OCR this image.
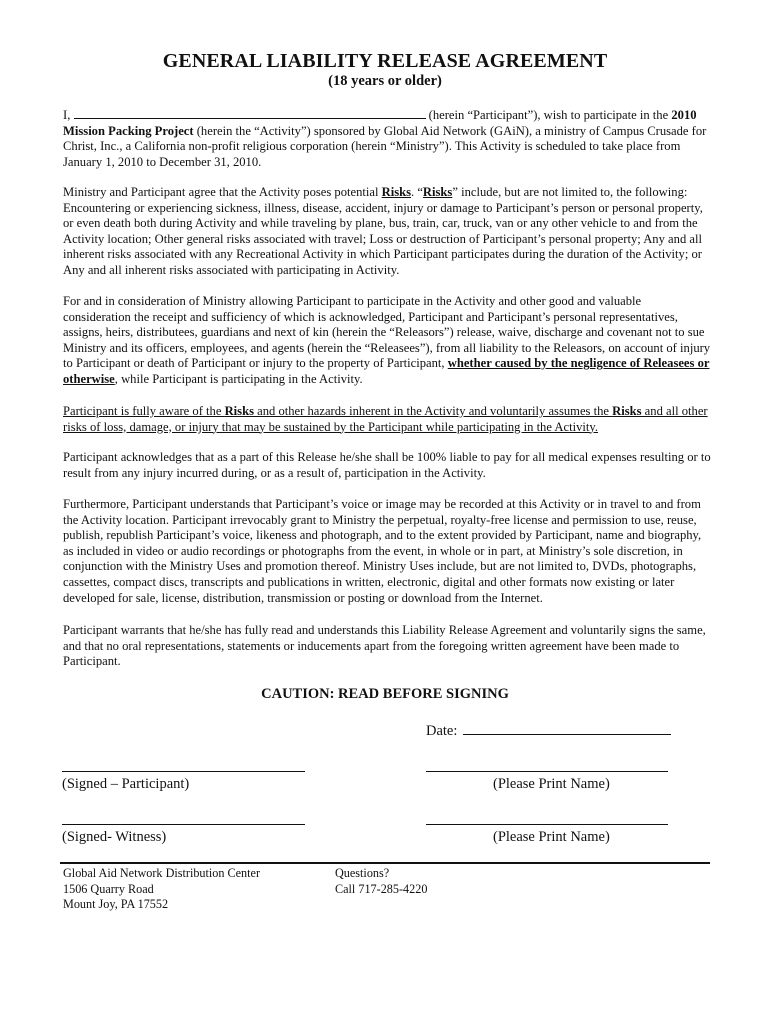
GENERAL LIABILITY RELEASE AGREEMENT
(18 years or older)

I,	(herein “Participant”), wish to participate in the 2010 Mission Packing Project (herein the “Activity”) sponsored by Global Aid Network (GAiN), a ministry of Campus Crusade for Christ, Inc., a California non-profit religious corporation (herein “Ministry”). This Activity is scheduled to take place from January 1, 2010 to December 31, 2010.

Ministry and Participant agree that the Activity poses potential Risks. “Risks” include, but are not limited to, the following: Encountering or experiencing sickness, illness, disease, accident, injury or damage to Participant’s person or personal property, or even death both during Activity and while traveling by plane, bus, train, car, truck, van or any other vehicle to and from the Activity location; Other general risks associated with travel; Loss or destruction of Participant’s personal property; Any and all inherent risks associated with any Recreational Activity in which Participant participates during the duration of the Activity; or Any and all inherent risks associated with participating in Activity.

For and in consideration of Ministry allowing Participant to participate in the Activity and other good and valuable consideration the receipt and sufficiency of which is acknowledged, Participant and Participant’s personal representatives, assigns, heirs, distributees, guardians and next of kin (herein the “Releasors”) release, waive, discharge and covenant not to sue Ministry and its officers, employees, and agents (herein the “Releasees”), from all liability to the Releasors, on account of injury to Participant or death of Participant or injury to the property of Participant, whether caused by the negligence of Releasees or otherwise, while Participant is participating in the Activity.

Participant is fully aware of the Risks and other hazards inherent in the Activity and voluntarily assumes the Risks and all other risks of loss, damage, or injury that may be sustained by the Participant while participating in the Activity.

Participant acknowledges that as a part of this Release he/she shall be 100% liable to pay for all medical expenses resulting or to result from any injury incurred during, or as a result of, participation in the Activity.

Furthermore, Participant understands that Participant’s voice or image may be recorded at this Activity or in travel to and from the Activity location. Participant irrevocably grant to Ministry the perpetual, royalty-free license and permission to use, reuse, publish, republish Participant’s voice, likeness and photograph, and to the extent provided by Participant, name and biography, as included in video or audio recordings or photographs from the event, in whole or in part, at Ministry’s sole discretion, in conjunction with the Ministry Uses and promotion thereof. Ministry Uses include, but are not limited to, DVDs, photographs, cassettes, compact discs, transcripts and publications in written, electronic, digital and other formats now existing or later developed for sale, license, distribution, transmission or posting or download from the Internet.

Participant warrants that he/she has fully read and understands this Liability Release Agreement and voluntarily signs the same, and that no oral representations, statements or inducements apart from the foregoing written agreement have been made to Participant.

CAUTION: READ BEFORE SIGNING
Date:
(Signed – Participant)	(Please Print Name)
(Signed- Witness)	(Please Print Name)
Global Aid Network Distribution Center
1506 Quarry Road
Mount Joy, PA 17552
Questions?
Call 717-285-4220
